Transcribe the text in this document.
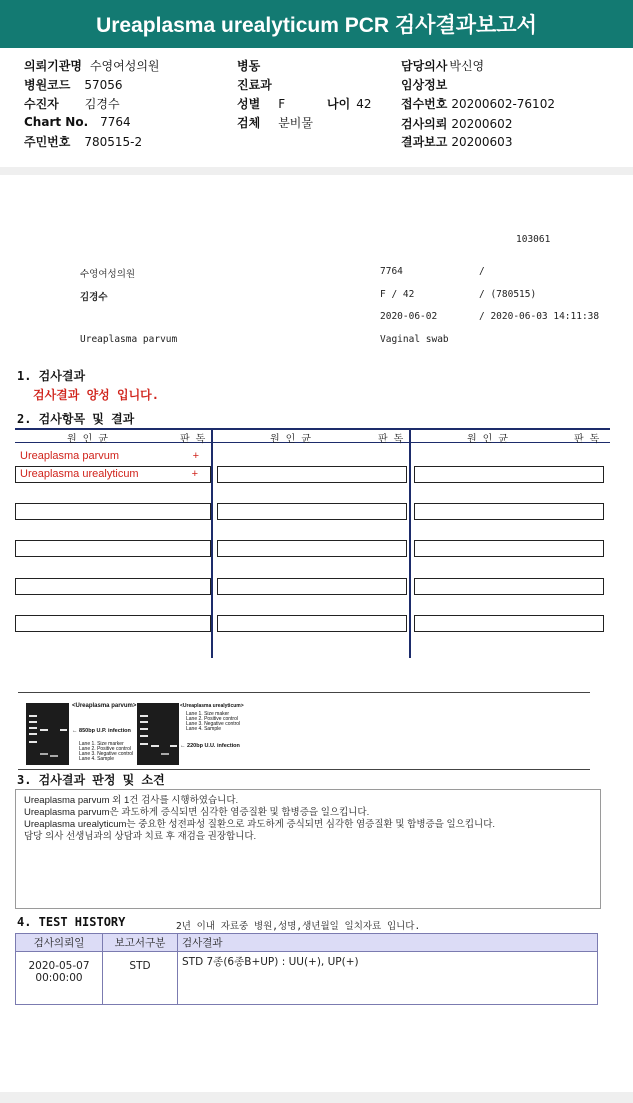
Ureaplasma urealyticum PCR 검사결과보고서
의뢰기관명 수영여성의원
병원코드 57056
수진자 김경수
Chart No. 7764
주민번호 780515-2
병동
진료과
성별 F	나이 42
검체 분비물
담당의사 박신영
임상정보
접수번호 20200602-76102
검사의뢰 20200602
결과보고 20200603
103061
수영여성의원	7764	/
김경수	F / 42	/ (780515)
2020-06-02	/ 2020-06-03 14:11:38
Ureaplasma parvum	Vaginal swab
1. 검사결과
검사결과 양성 입니다.
2. 검사항목 및 결과
원 인 균	판 독	원 인 균	판 독	원 인 균	판 독
Ureaplasma parvum	+
Ureaplasma urealyticum	+
1234
<Ureaplasma parvum>
← 850bp U.P. infection
Lane 1. Size marker
Lane 2. Positive control
Lane 3. Negative control
Lane 4. Sample
1234
<Ureaplasma urealyticum>
Lane 1. Size maker
Lane 2. Positive control
Lane 3. Negative control
Lane 4. Sample
← 220bp U.U. infection
3. 검사결과 판정 및 소견
Ureaplasma parvum 외 1건 검사를 시행하였습니다.
Ureaplasma parvum은 과도하게 증식되면 심각한 염증질환 및 합병증을 일으킵니다.
Ureaplasma urealyticum는 중요한 성전파성 질환으로 과도하게 증식되면 심각한 염증질환 및 합병증을 일으킵니다.
담당 의사 선생님과의 상담과 치료 후 재검을 권장합니다.
4. TEST HISTORY	2년 이내 자료중 병원,성명,생년월일 일치자료 입니다.
검사의뢰일	보고서구분	검사결과

2020-05-07
00:00:00	STD	STD 7종(6종B+UP) : UU(+), UP(+)
